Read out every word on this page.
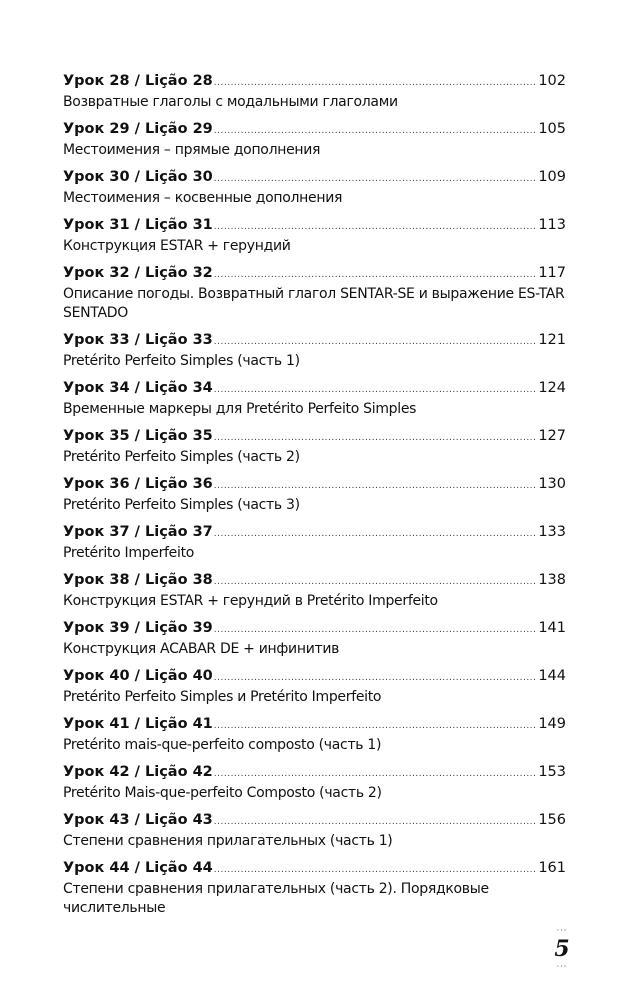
Урок 28 / Lição 28 .....	102
Возвратные глаголы с модальными глаголами
Урок 29 / Lição 29 .....	105
Местоимения – прямые дополнения
Урок 30 / Lição 30 .....	109
Местоимения – косвенные дополнения
Урок 31 / Lição 31 .....	113
Конструкция ESTAR + герундий
Урок 32 / Lição 32 .....	117
Описание погоды. Возвратный глагол SENTAR-SE и выражение ES-TAR SENTADO
Урок 33 / Lição 33 .....	121
Pretérito Perfeito Simples (часть 1)
Урок 34 / Lição 34 .....	124
Временные маркеры для Pretérito Perfeito Simples
Урок 35 / Lição 35 .....	127
Pretérito Perfeito Simples (часть 2)
Урок 36 / Lição 36 .....	130
Pretérito Perfeito Simples (часть 3)
Урок 37 / Lição 37 .....	133
Pretérito Imperfeito
Урок 38 / Lição 38 .....	138
Конструкция ESTAR + герундий в Pretérito Imperfeito
Урок 39 / Lição 39 .....	141
Конструкция ACABAR DE + инфинитив
Урок 40 / Lição 40 .....	144
Pretérito Perfeito Simples и Pretérito Imperfeito
Урок 41 / Lição 41 .....	149
Pretérito mais-que-perfeito composto (часть 1)
Урок 42 / Lição 42 .....	153
Pretérito Mais-que-perfeito Composto (часть 2)
Урок 43 / Lição 43 .....	156
Степени сравнения прилагательных (часть 1)
Урок 44 / Lição 44 .....	161
Степени сравнения прилагательных (часть 2). Порядковые числительные
···
5
···
